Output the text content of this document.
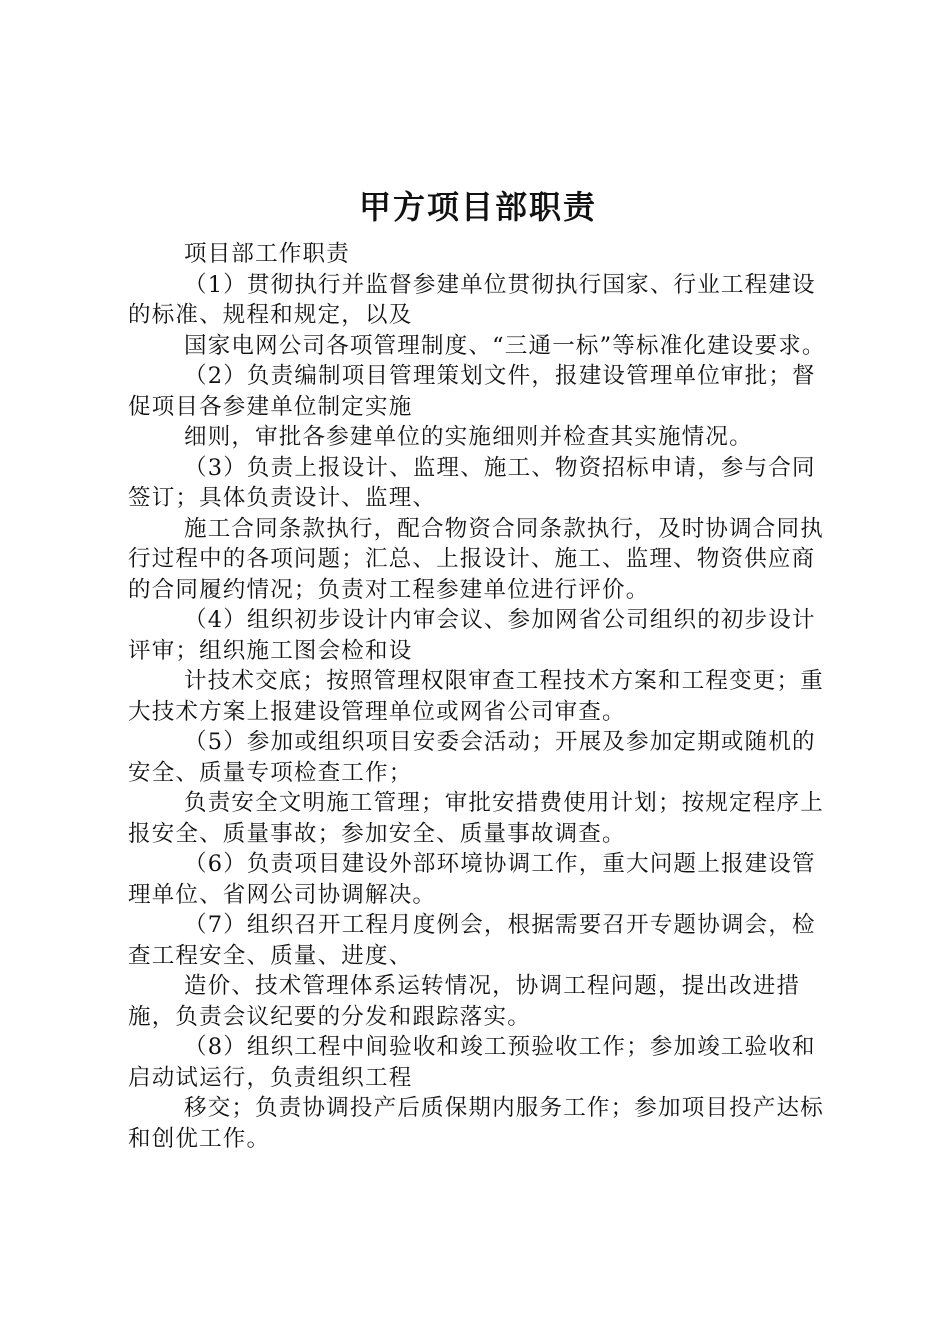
甲方项目部职责

项目部工作职责

（1）贯彻执行并监督参建单位贯彻执行国家、行业工程建设的标准、规程和规定，以及

国家电网公司各项管理制度、“三通一标”等标准化建设要求。

（2）负责编制项目管理策划文件，报建设管理单位审批；督促项目各参建单位制定实施

细则，审批各参建单位的实施细则并检查其实施情况。

（3）负责上报设计、监理、施工、物资招标申请，参与合同签订；具体负责设计、监理、

施工合同条款执行，配合物资合同条款执行，及时协调合同执行过程中的各项问题；汇总、上报设计、施工、监理、物资供应商的合同履约情况；负责对工程参建单位进行评价。

（4）组织初步设计内审会议、参加网省公司组织的初步设计评审；组织施工图会检和设

计技术交底；按照管理权限审查工程技术方案和工程变更；重大技术方案上报建设管理单位或网省公司审查。

（5）参加或组织项目安委会活动；开展及参加定期或随机的安全、质量专项检查工作；

负责安全文明施工管理；审批安措费使用计划；按规定程序上报安全、质量事故；参加安全、质量事故调查。

（6）负责项目建设外部环境协调工作，重大问题上报建设管理单位、省网公司协调解决。

（7）组织召开工程月度例会，根据需要召开专题协调会，检查工程安全、质量、进度、

造价、技术管理体系运转情况，协调工程问题，提出改进措施，负责会议纪要的分发和跟踪落实。

（8）组织工程中间验收和竣工预验收工作；参加竣工验收和启动试运行，负责组织工程

移交；负责协调投产后质保期内服务工作；参加项目投产达标和创优工作。
